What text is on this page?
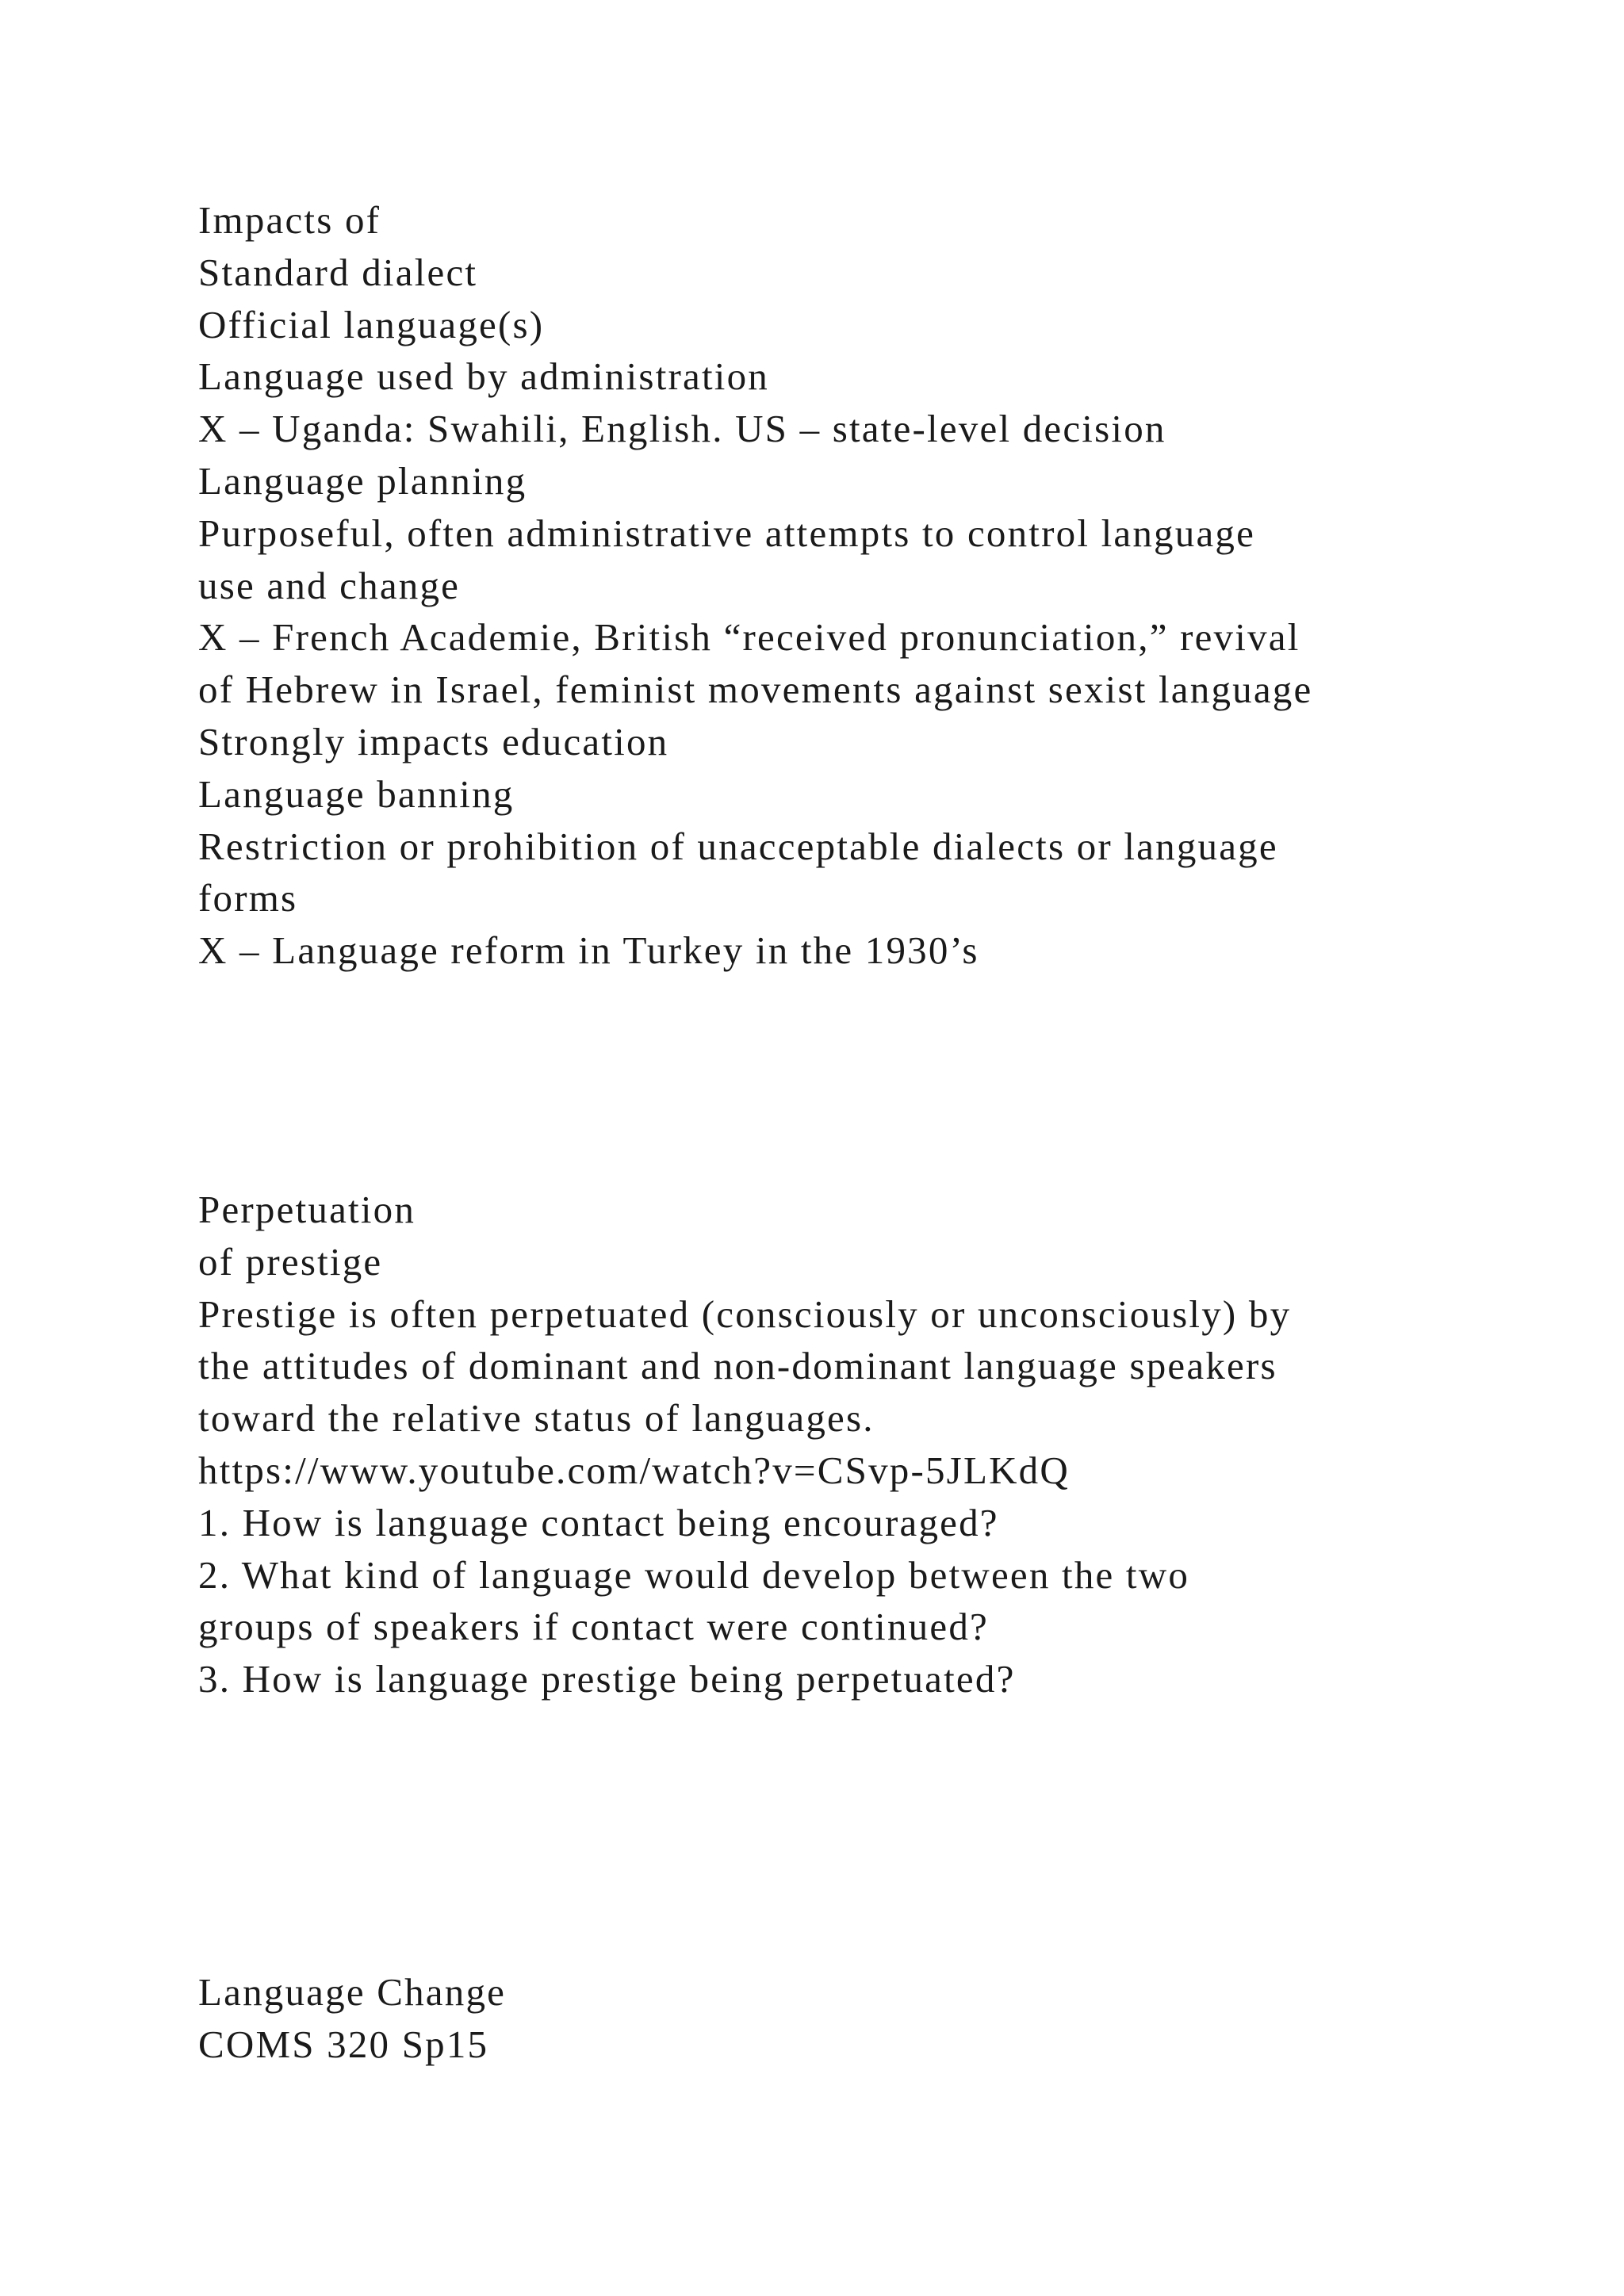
Impacts of
Standard dialect
Official language(s)
Language used by administration
X – Uganda: Swahili, English. US – state-level decision
Language planning
Purposeful, often administrative attempts to control language
use and change
X – French Academie, British “received pronunciation,” revival
of Hebrew in Israel, feminist movements against sexist language
Strongly impacts education
Language banning
Restriction or prohibition of unacceptable dialects or language
forms
X – Language reform in Turkey in the 1930’s
Perpetuation
of prestige
Prestige is often perpetuated (consciously or unconsciously) by
the attitudes of dominant and non-dominant language speakers
toward the relative status of languages.
https://www.youtube.com/watch?v=CSvp-5JLKdQ
1. How is language contact being encouraged?
2. What kind of language would develop between the two
groups of speakers if contact were continued?
3. How is language prestige being perpetuated?
Language Change
COMS 320 Sp15
